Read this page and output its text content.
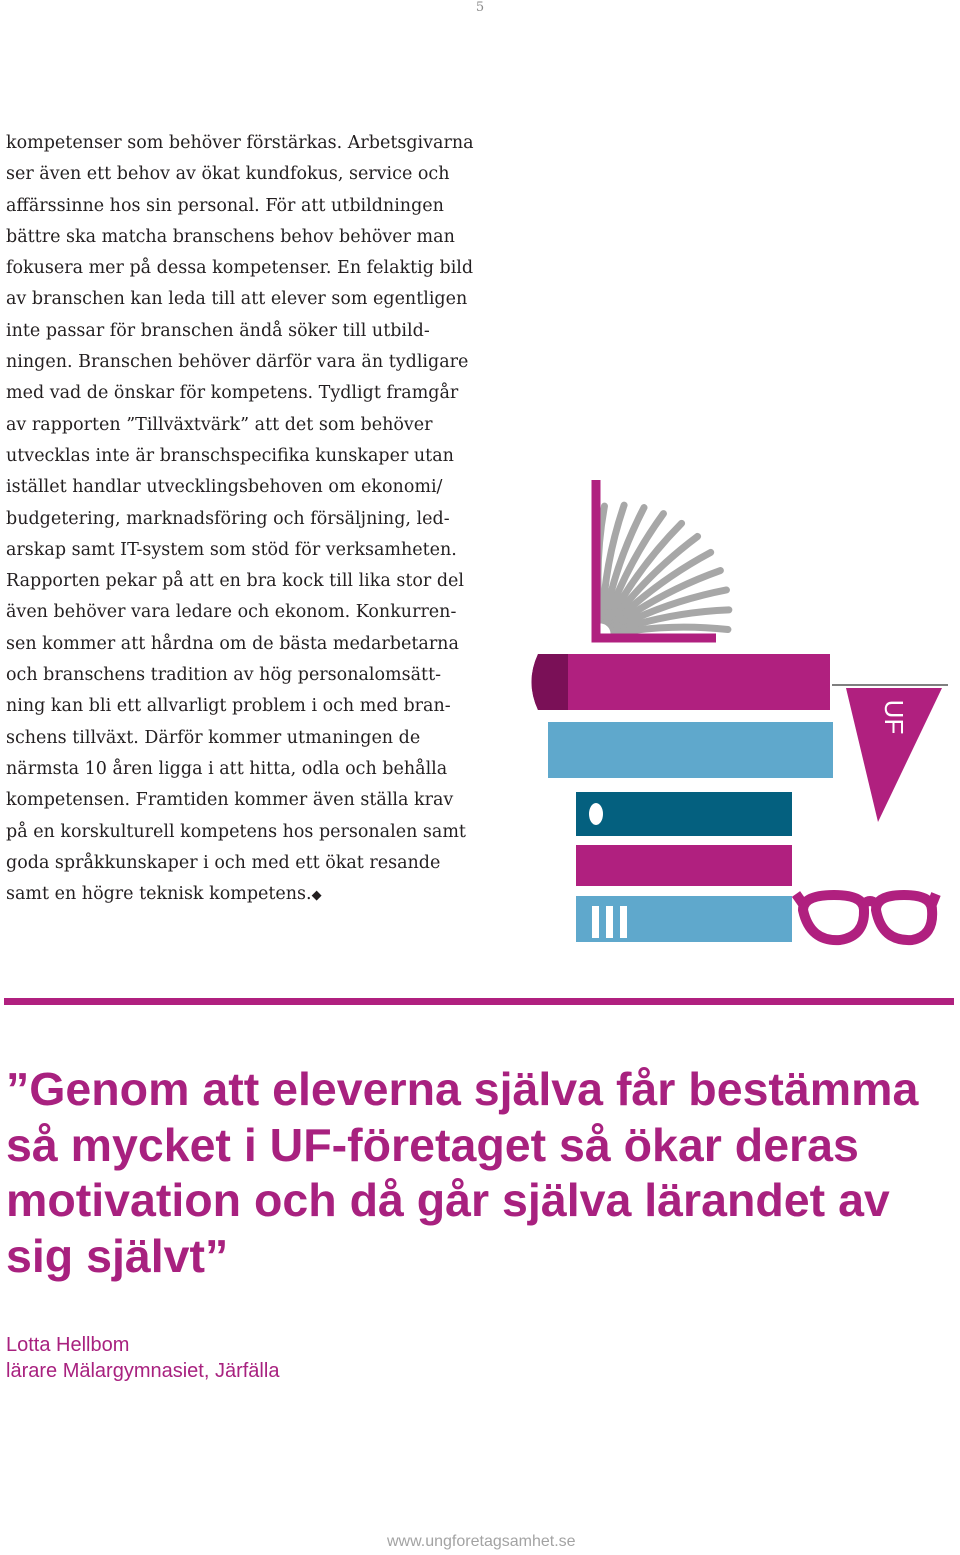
5
kompetenser som behöver förstärkas. Arbetsgivarna
ser även ett behov av ökat kundfokus, service och
affärssinne hos sin personal. För att utbildningen
bättre ska matcha branschens behov behöver man
fokusera mer på dessa kompetenser. En felaktig bild
av branschen kan leda till att elever som egentligen
inte passar för branschen ändå söker till utbild-
ningen. Branschen behöver därför vara än tydligare
med vad de önskar för kompetens. Tydligt framgår
av rapporten ”Tillväxtvärk” att det som behöver
utvecklas inte är branschspecifika kunskaper utan
istället handlar utvecklingsbehoven om ekonomi/
budgetering, marknadsföring och försäljning, led-
arskap samt IT-system som stöd för verksamheten.
Rapporten pekar på att en bra kock till lika stor del
även behöver vara ledare och ekonom. Konkurren-
sen kommer att hårdna om de bästa medarbetarna
och branschens tradition av hög personalomsätt-
ning kan bli ett allvarligt problem i och med bran-
schens tillväxt. Därför kommer utmaningen de
närmsta 10 åren ligga i att hitta, odla och behålla
kompetensen. Framtiden kommer även ställa krav
på en korskulturell kompetens hos personalen samt
goda språkkunskaper i och med ett ökat resande
samt en högre teknisk kompetens.◆
UF
”Genom att eleverna själva får bestämma
så mycket i UF-företaget så ökar deras
motivation och då går själva lärandet av
sig självt”
Lotta Hellbom
lärare Mälargymnasiet, Järfälla
www.ungforetagsamhet.se
